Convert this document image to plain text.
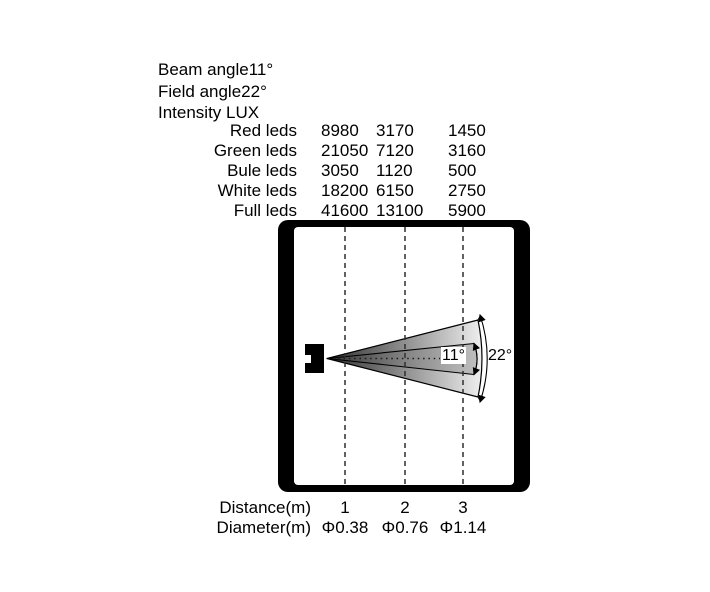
Beam angle11°
Field angle22°
Intensity LUX
Red leds 8980	3170	1450
Green leds 21050 7120	3160
Bule leds 3050	1120	500
White leds 18200 6150	2750
Full leds 41600 13100	5900
11° 22°
Distance(m)	1	2	3
Diameter(m) Φ0.38 Φ0.76 Φ1.14
